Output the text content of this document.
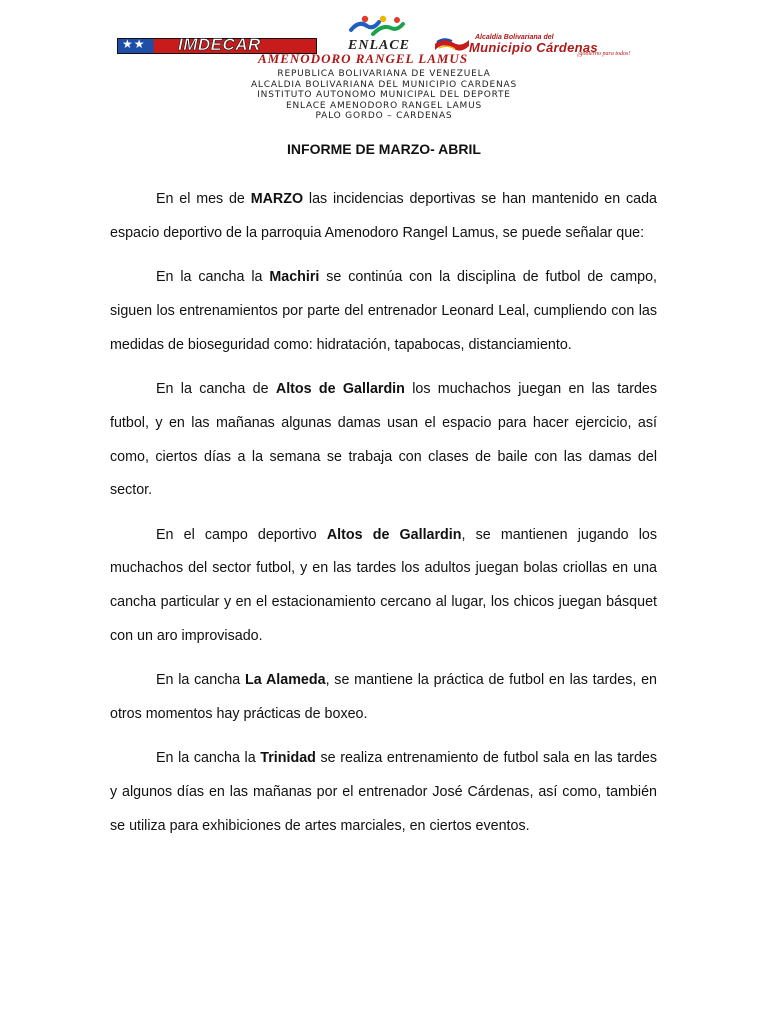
★★ IMDECAR	ENLACE
AMENODORO RANGEL LAMUS
Alcaldía Bolivariana del
Municipio Cárdenas
¡gobierno para todos!
REPUBLICA BOLIVARIANA DE VENEZUELA
ALCALDIA BOLIVARIANA DEL MUNICIPIO CARDENAS
INSTITUTO AUTONOMO MUNICIPAL DEL DEPORTE
ENLACE AMENODORO RANGEL LAMUS
PALO GORDO – CARDENAS
INFORME DE MARZO- ABRIL

En el mes de MARZO las incidencias deportivas se han mantenido en cada espacio deportivo de la parroquia Amenodoro Rangel Lamus, se puede señalar que:

En la cancha la Machiri se continúa con la disciplina de futbol de campo, siguen los entrenamientos por parte del entrenador Leonard Leal, cumpliendo con las medidas de bioseguridad como: hidratación, tapabocas, distanciamiento.

En la cancha de Altos de Gallardin los muchachos juegan en las tardes futbol, y en las mañanas algunas damas usan el espacio para hacer ejercicio, así como, ciertos días a la semana se trabaja con clases de baile con las damas del sector.

En el campo deportivo Altos de Gallardin, se mantienen jugando los muchachos del sector futbol, y en las tardes los adultos juegan bolas criollas en una cancha particular y en el estacionamiento cercano al lugar, los chicos juegan básquet con un aro improvisado.

En la cancha La Alameda, se mantiene la práctica de futbol en las tardes, en otros momentos hay prácticas de boxeo.

En la cancha la Trinidad se realiza entrenamiento de futbol sala en las tardes y algunos días en las mañanas por el entrenador José Cárdenas, así como, también se utiliza para exhibiciones de artes marciales, en ciertos eventos.
